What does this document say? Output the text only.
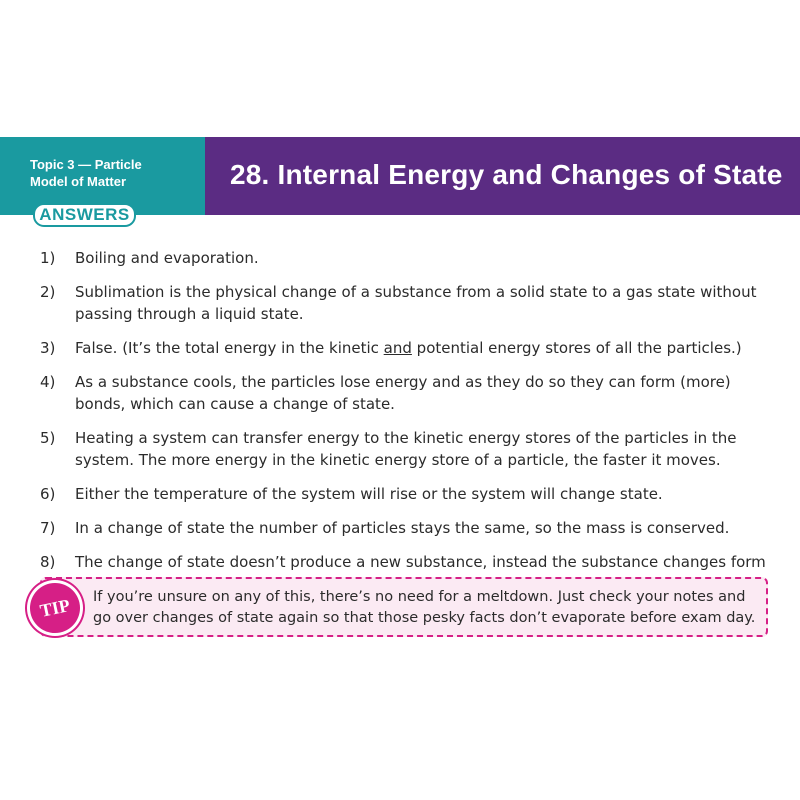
Topic 3 — Particle
Model of Matter	28. Internal Energy and Changes of State
ANSWERS
1) Boiling and evaporation.
2) Sublimation is the physical change of a substance from a solid state to a gas state without passing through a liquid state.
3) False. (It’s the total energy in the kinetic and potential energy stores of all the particles.)
4) As a substance cools, the particles lose energy and as they do so they can form (more) bonds, which can cause a change of state.
5) Heating a system can transfer energy to the kinetic energy stores of the particles in the system. The more energy in the kinetic energy store of a particle, the faster it moves.
6) Either the temperature of the system will rise or the system will change state.
7) In a change of state the number of particles stays the same, so the mass is conserved.
8) The change of state doesn’t produce a new substance, instead the substance changes form
TIP	If you’re unsure on any of this, there’s no need for a meltdown. Just check your notes and go over changes of state again so that those pesky facts don’t evaporate before exam day.
